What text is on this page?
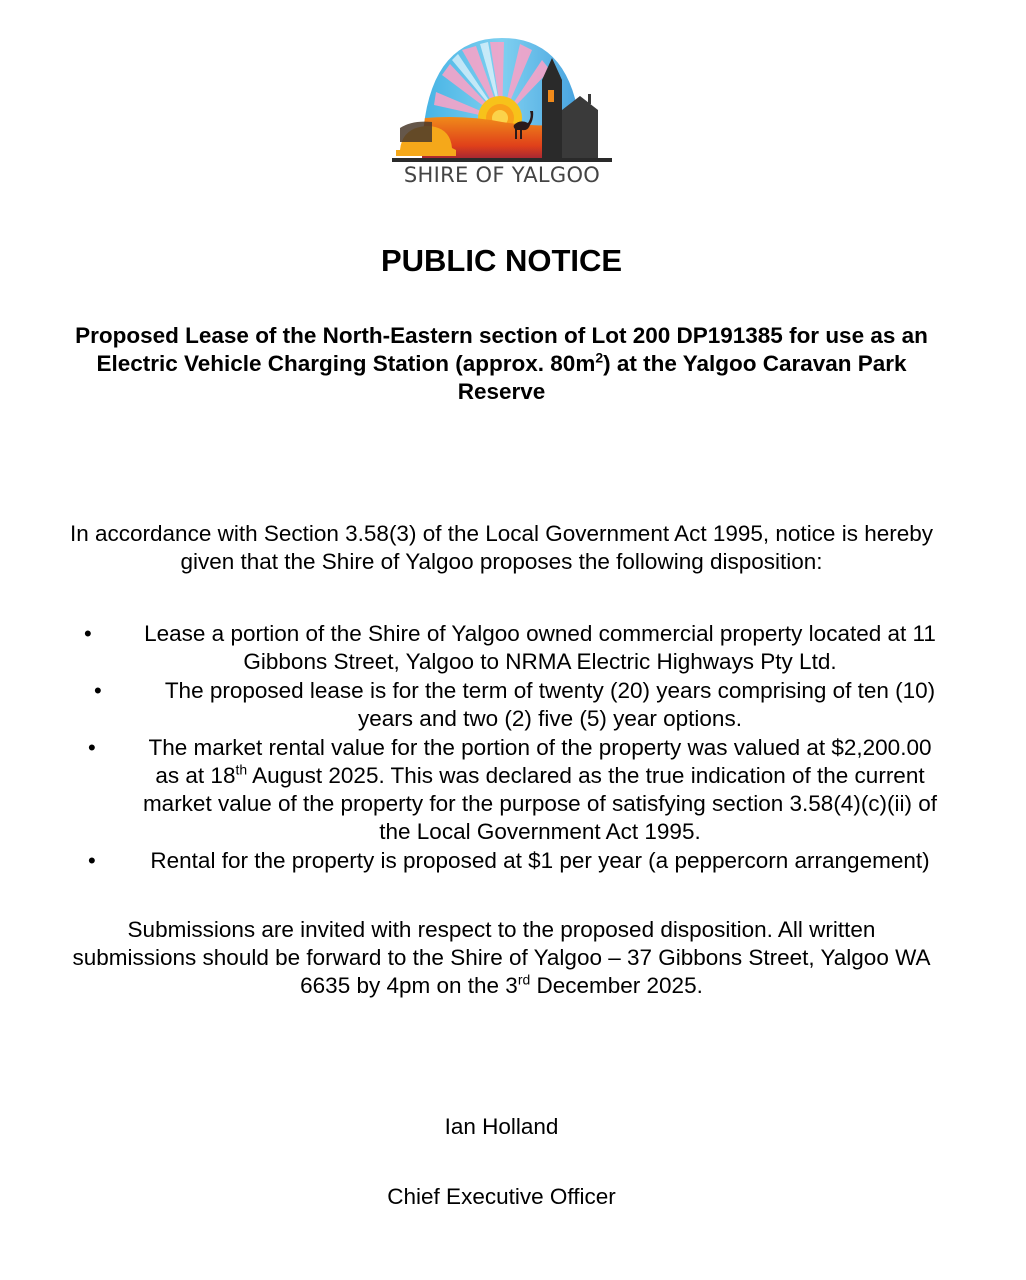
SHIRE OF YALGOO
PUBLIC NOTICE

Proposed Lease of the North-Eastern section of Lot 200 DP191385 for use as an
Electric Vehicle Charging Station (approx. $80m^2$) at the Yalgoo Caravan Park
Reserve

In accordance with Section 3.58(3) of the Local Government Act 1995, notice is hereby
given that the Shire of Yalgoo proposes the following disposition:

• Lease a portion of the Shire of Yalgoo owned commercial property located at 11
Gibbons Street, Yalgoo to NRMA Electric Highways Pty Ltd.
•	The proposed lease is for the term of twenty (20) years comprising of ten (10)
years and two (2) five (5) year options.
• The market rental value for the portion of the property was valued at $2,200.00
as at 18th August 2025. This was declared as the true indication of the current
market value of the property for the purpose of satisfying section 3.58(4)(c)(ii) of
the Local Government Act 1995.
• Rental for the property is proposed at $1 per year (a peppercorn arrangement)

Submissions are invited with respect to the proposed disposition. All written
submissions should be forward to the Shire of Yalgoo – 37 Gibbons Street, Yalgoo WA
6635 by 4pm on the 3rd December 2025.

Ian Holland

Chief Executive Officer
